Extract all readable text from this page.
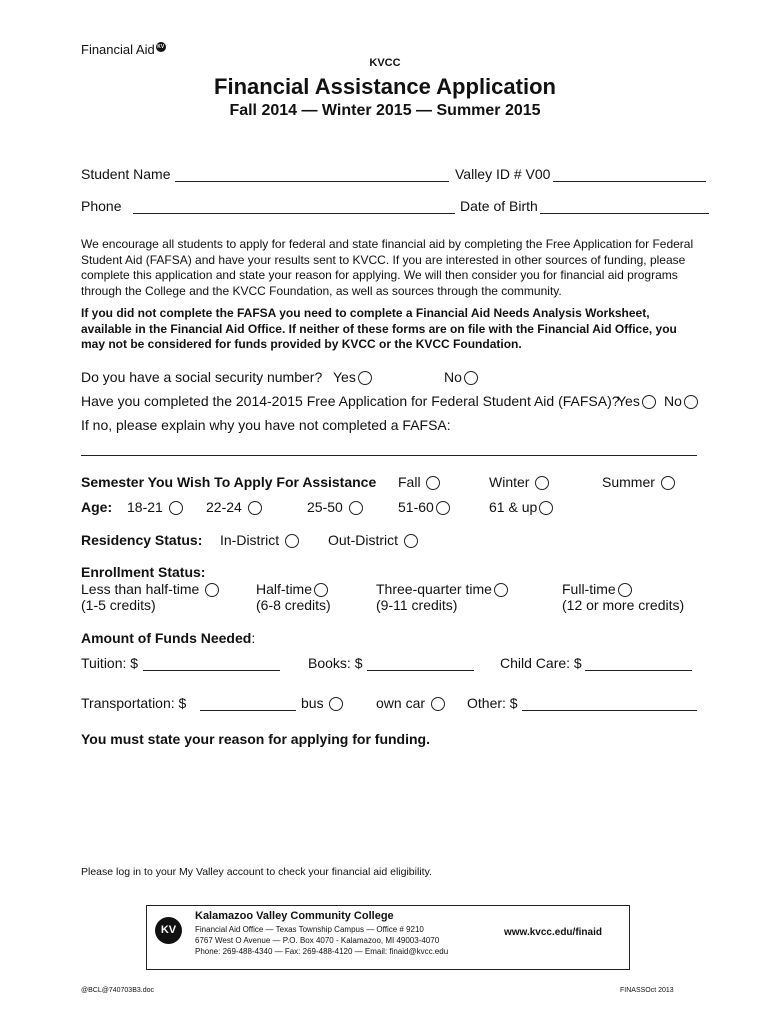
Financial Aid KV
KVCC
Financial Assistance Application
Fall 2014 — Winter 2015 — Summer 2015
Student Name	Valley ID # V00
Phone	Date of Birth
We encourage all students to apply for federal and state financial aid by completing the Free Application for Federal Student Aid (FAFSA) and have your results sent to KVCC. If you are interested in other sources of funding, please complete this application and state your reason for applying. We will then consider you for financial aid programs through the College and the KVCC Foundation, as well as sources through the community.
If you did not complete the FAFSA you need to complete a Financial Aid Needs Analysis Worksheet, available in the Financial Aid Office. If neither of these forms are on file with the Financial Aid Office, you may not be considered for funds provided by KVCC or the KVCC Foundation.
Do you have a social security number? Yes	No
Have you completed the 2014-2015 Free Application for Federal Student Aid (FAFSA)?
Yes	No
If no, please explain why you have not completed a FAFSA:
Semester You Wish To Apply For Assistance Fall	Winter	Summer
Age: 18-21	22-24	25-50	51-60	61 & up
Residency Status: In-District	Out-District
Enrollment Status:
Less than half-time
(1-5 credits)
Half-time
(6-8 credits)
Three-quarter time
(9-11 credits)
Full-time
(12 or more credits)
Amount of Funds Needed:
Tuition: $	Books: $	Child Care: $
Transportation: $	bus	own car	Other: $
You must state your reason for applying for funding.
Please log in to your My Valley account to check your financial aid eligibility.
KV
Kalamazoo Valley Community College
Financial Aid Office — Texas Township Campus — Office # 9210
6767 West O Avenue — P.O. Box 4070 - Kalamazoo, MI 49003-4070
Phone: 269-488-4340 — Fax: 269-488-4120 — Email: finaid@kvcc.edu
www.kvcc.edu/finaid
@BCL@740703B3.doc	FINASSOct 2013
